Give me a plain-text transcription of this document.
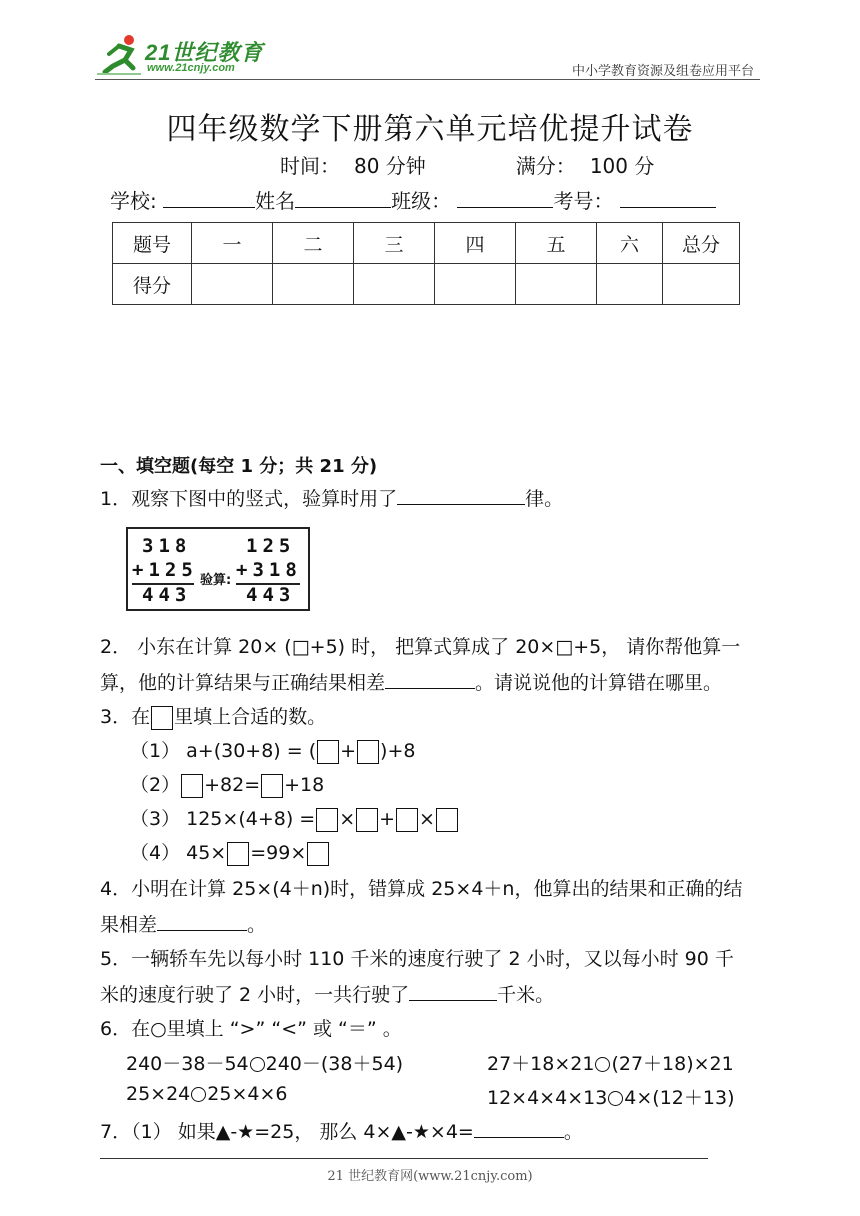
21世纪教育
www.21cnjy.com	中小学教育资源及组卷应用平台
四年级数学下册第六单元培优提升试卷
时间： 80 分钟	满分： 100 分
学校:	姓名	班级：	考号：
题号	一	二	三	四	五	六	总分
得分							
一、填空题(每空 1 分；共 21 分)
1．观察下图中的竖式，验算时用了	律。
318
+125
443
验算:
125
+318
443
2． 小东在计算 20× (□+5) 时， 把算式算成了 20×□+5， 请你帮他算一
算，他的计算结果与正确结果相差	。请说说他的计算错在哪里。
3．在 里填上合适的数。
（1） a+(30+8) = ( + )+8
（2） +82= +18
（3） 125×(4+8) = × + ×
（4） 45× =99×
4．小明在计算 25×(4＋n)时，错算成 25×4＋n，他算出的结果和正确的结
果相差	。
5．一辆轿车先以每小时 110 千米的速度行驶了 2 小时，又以每小时 90 千
米的速度行驶了 2 小时，一共行驶了	千米。
6．在○里填上 “>” “<” 或 “＝” 。
240－38－54 240－(38＋54)	27＋18×21 (27＋18)×21
25×24 25×4×6	12×4×4×13 4×(12＋13)
7．（1） 如果▲-★=25， 那么 4×▲-★×4=	。
21 世纪教育网(www.21cnjy.com)
